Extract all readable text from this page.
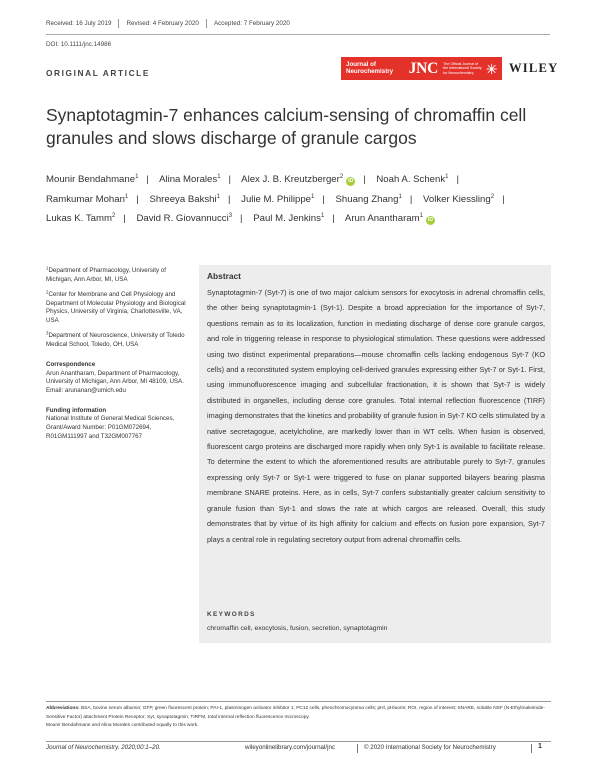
Received: 16 July 2019 Revised: 4 February 2020 Accepted: 7 February 2020
DOI: 10.1111/jnc.14986
ORIGINAL ARTICLE
Journal of
Neurochemistry JNC The Official Journal of
the International Society
for Neurochemistry	WILEY
Synaptotagmin-7 enhances calcium-sensing of chromaffin cell granules and slows discharge of granule cargos
Mounir Bendahmane$^1$ | Alina Morales$^1$ | Alex J. B. Kreutzberger$^2$iD | Noah A. Schenk$^1$ | Ramkumar Mohan$^1$ | Shreeya Bakshi$^1$ | Julie M. Philippe$^1$ | Shuang Zhang$^1$ | Volker Kiessling$^2$ | Lukas K. Tamm$^2$ | David R. Giovannucci$^3$ | Paul M. Jenkins$^1$ | Arun Anantharam$^1$iD

$^1$Department of Pharmacology, University of Michigan, Ann Arbor, MI, USA

$^2$Center for Membrane and Cell Physiology and Department of Molecular Physiology and Biological Physics, University of Virginia, Charlottesville, VA, USA

$^3$Department of Neuroscience, University of Toledo Medical School, Toledo, OH, USA

Correspondence
Arun Anantharam, Department of Pharmacology, University of Michigan, Ann Arbor, MI 48109, USA.
Email: arunanan@umich.edu
Funding information
National Institute of General Medical Sciences, Grant/Award Number: P01GM072694, R01GM111997 and T32GM007767
Abstract
Synaptotagmin-7 (Syt-7) is one of two major calcium sensors for exocytosis in adrenal chromaffin cells, the other being synaptotagmin-1 (Syt-1). Despite a broad appreciation for the importance of Syt-7, questions remain as to its localization, function in mediating discharge of dense core granule cargos, and role in triggering release in response to physiological stimulation. These questions were addressed using two distinct experimental preparations—mouse chromaffin cells lacking endogenous Syt-7 (KO cells) and a reconstituted system employing cell-derived granules expressing either Syt-7 or Syt-1. First, using immunofluorescence imaging and subcellular fractionation, it is shown that Syt-7 is widely distributed in organelles, including dense core granules. Total internal reflection fluorescence (TIRF) imaging demonstrates that the kinetics and probability of granule fusion in Syt-7 KO cells stimulated by a native secretagogue, acetylcholine, are markedly lower than in WT cells. When fusion is observed, fluorescent cargo proteins are discharged more rapidly when only Syt-1 is available to facilitate release. To determine the extent to which the aforementioned results are attributable purely to Syt-7, granules expressing only Syt-7 or Syt-1 were triggered to fuse on planar supported bilayers bearing plasma membrane SNARE proteins. Here, as in cells, Syt-7 confers substantially greater calcium sensitivity to granule fusion than Syt-1 and slows the rate at which cargos are released. Overall, this study demonstrates that by virtue of its high affinity for calcium and effects on fusion pore expansion, Syt-7 plays a central role in regulating secretory output from adrenal chromaffin cells.
KEYWORDS
chromaffin cell, exocytosis, fusion, secretion, synaptotagmin
Abbreviations: BSA, bovine serum albumin; GFP, green fluorescent protein; PAI-1, plasminogen activator inhibitor 1; PC12 cells, pheochromocytoma cells; pHl, pHluorin; ROI, region of interest; SNARE, soluble NSF (N-Ethylmaleimide-Sensitive Factor) attachment Protein Receptor; Syt, synaptotagmin; TIRFM, total internal reflection fluorescence microscopy.
Mounir Bendahmane and Alina Morales contributed equally to this work.
Journal of Neurochemistry. 2020;00:1–20.	wileyonlinelibrary.com/journal/jnc	© 2020 International Society for Neurochemistry	1
